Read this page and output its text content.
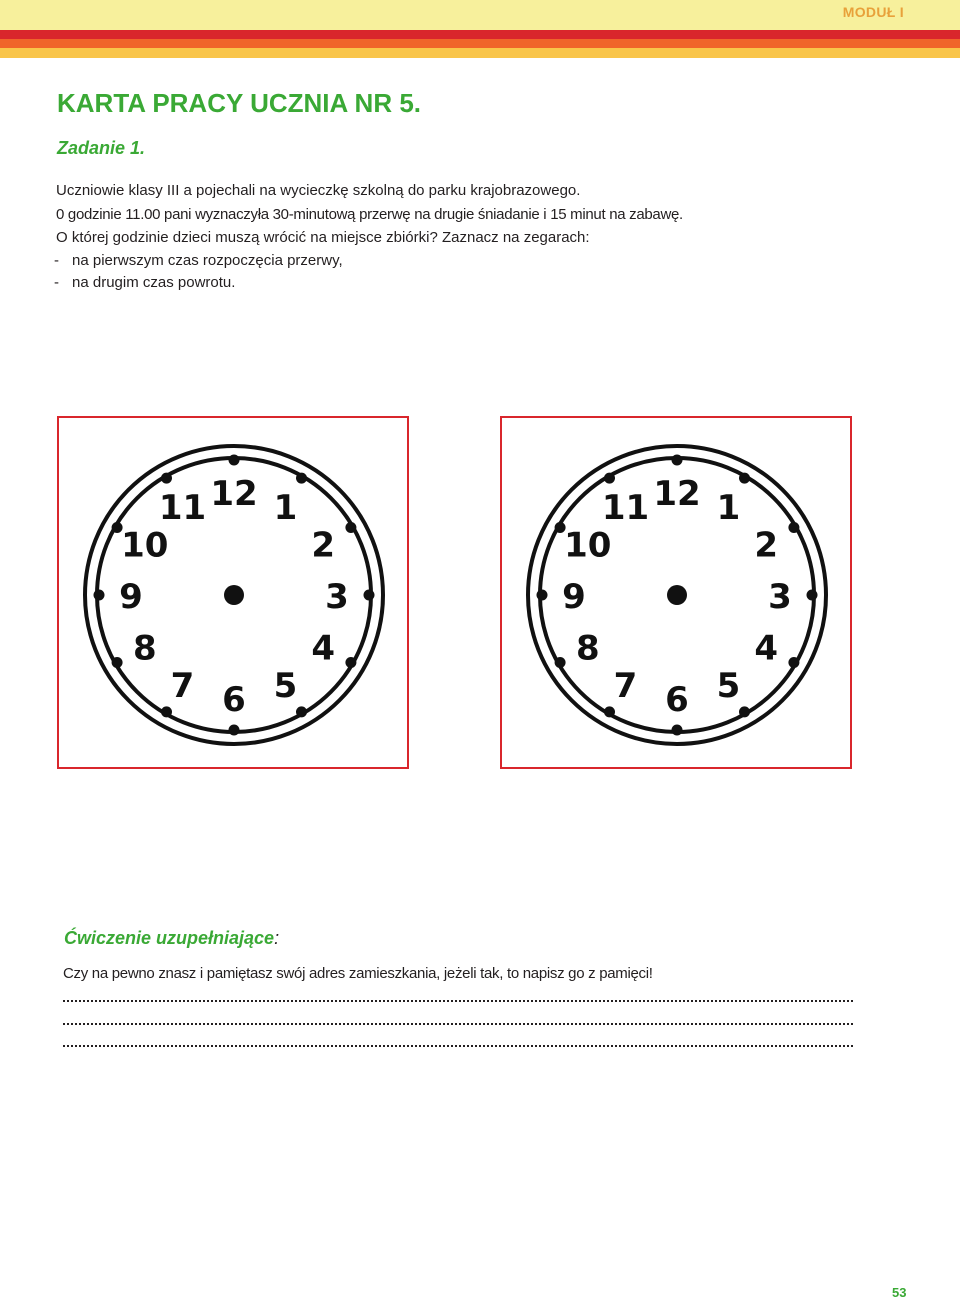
MODUŁ I
KARTA PRACY UCZNIA NR 5.
Zadanie 1.

Uczniowie klasy III a pojechali na wycieczkę szkolną do parku krajobrazowego.

0 godzinie 11.00 pani wyznaczyła 30-minutową przerwę na drugie śniadanie i 15 minut na zabawę.

O której godzinie dzieci muszą wrócić na miejsce zbiórki? Zaznacz na zegarach:

- na pierwszym czas rozpoczęcia przerwy,
- na drugim czas powrotu.
12 1
2
3
4
5
6
7
8
9
10
11	12 1
2
3
4
5
6
7
8
9
10
11
Ćwiczenie uzupełniające:

Czy na pewno znasz i pamiętasz swój adres zamieszkania, jeżeli tak, to napisz go z pamięci!

53
